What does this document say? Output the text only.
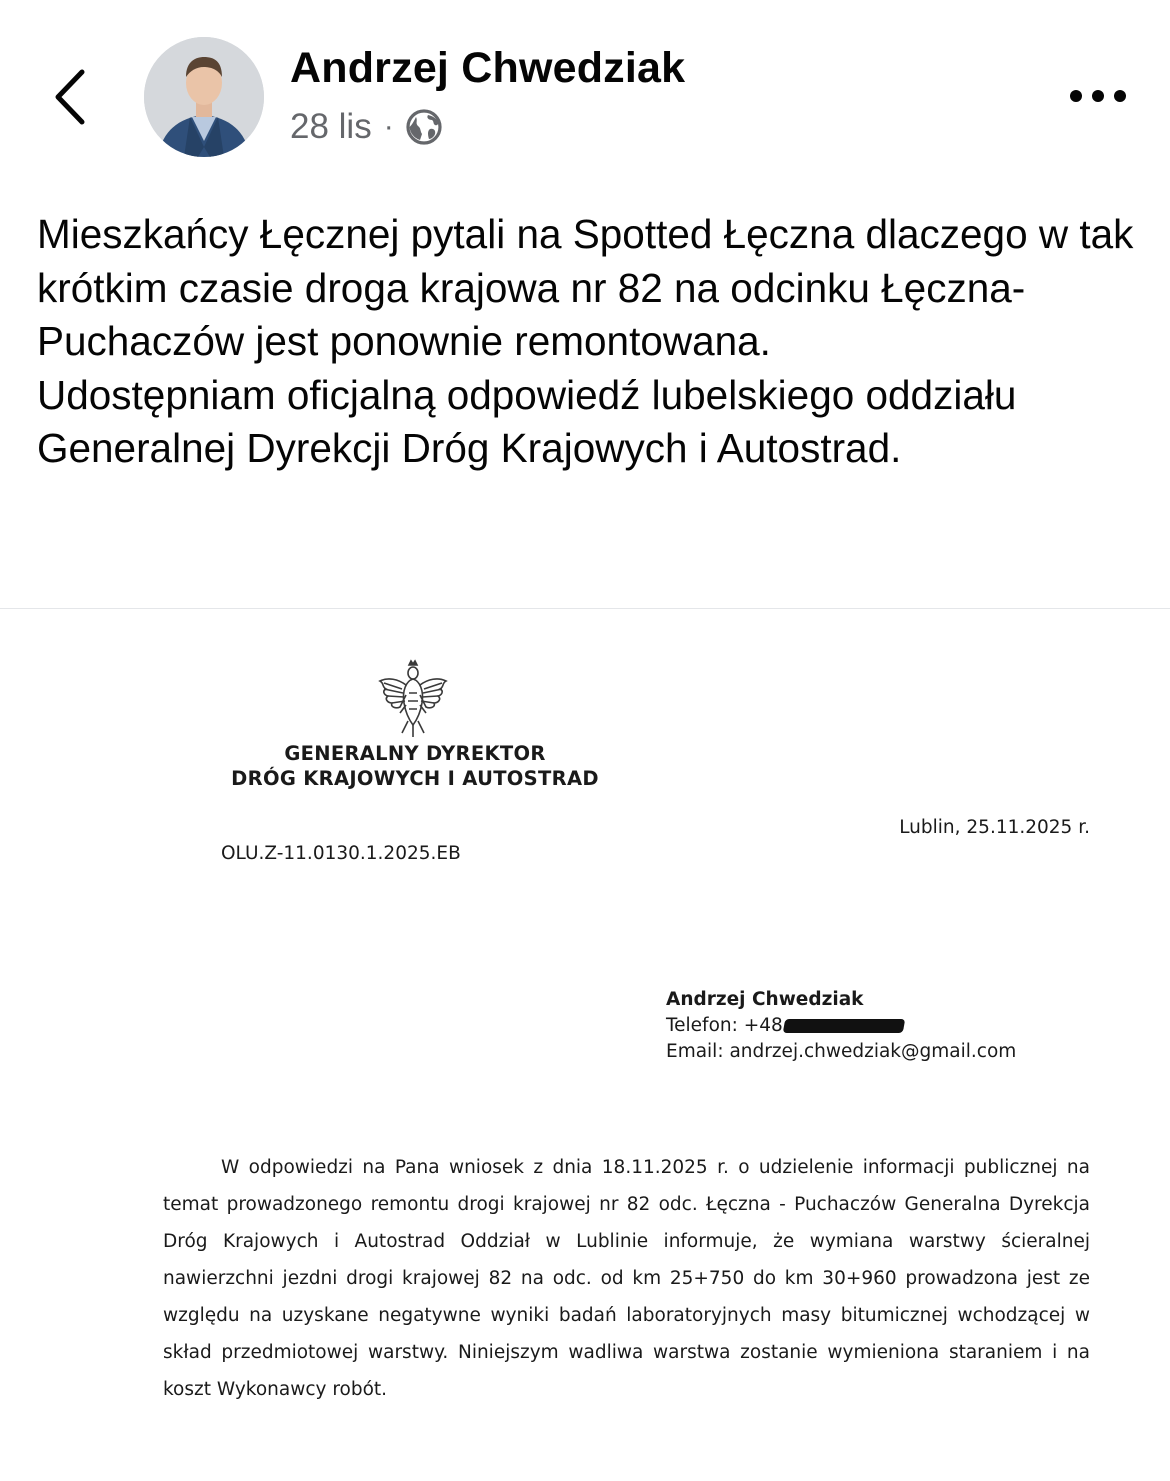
Andrzej Chwedziak
28 lis ·

Mieszkańcy Łęcznej pytali na Spotted Łęczna dlaczego w tak krótkim czasie droga krajowa nr 82 na odcinku Łęczna-Puchaczów jest ponownie remontowana.

Udostępniam oficjalną odpowiedź lubelskiego oddziału Generalnej Dyrekcji Dróg Krajowych i Autostrad.

GENERALNY DYREKTOR
DRÓG KRAJOWYCH I AUTOSTRAD
Lublin, 25.11.2025 r.
OLU.Z-11.0130.1.2025.EB
Andrzej Chwedziak
Telefon: +48
Email: andrzej.chwedziak@gmail.com
W odpowiedzi na Pana wniosek z dnia 18.11.2025 r. o udzielenie informacji publicznej na temat prowadzonego remontu drogi krajowej nr 82 odc. Łęczna - Puchaczów Generalna Dyrekcja Dróg Krajowych i Autostrad Oddział w Lublinie informuje, że wymiana warstwy ścieralnej nawierzchni jezdni drogi krajowej 82 na odc. od km 25+750 do km 30+960 prowadzona jest ze względu na uzyskane negatywne wyniki badań laboratoryjnych masy bitumicznej wchodzącej w skład przedmiotowej warstwy. Niniejszym wadliwa warstwa zostanie wymieniona staraniem i na koszt Wykonawcy robót.
